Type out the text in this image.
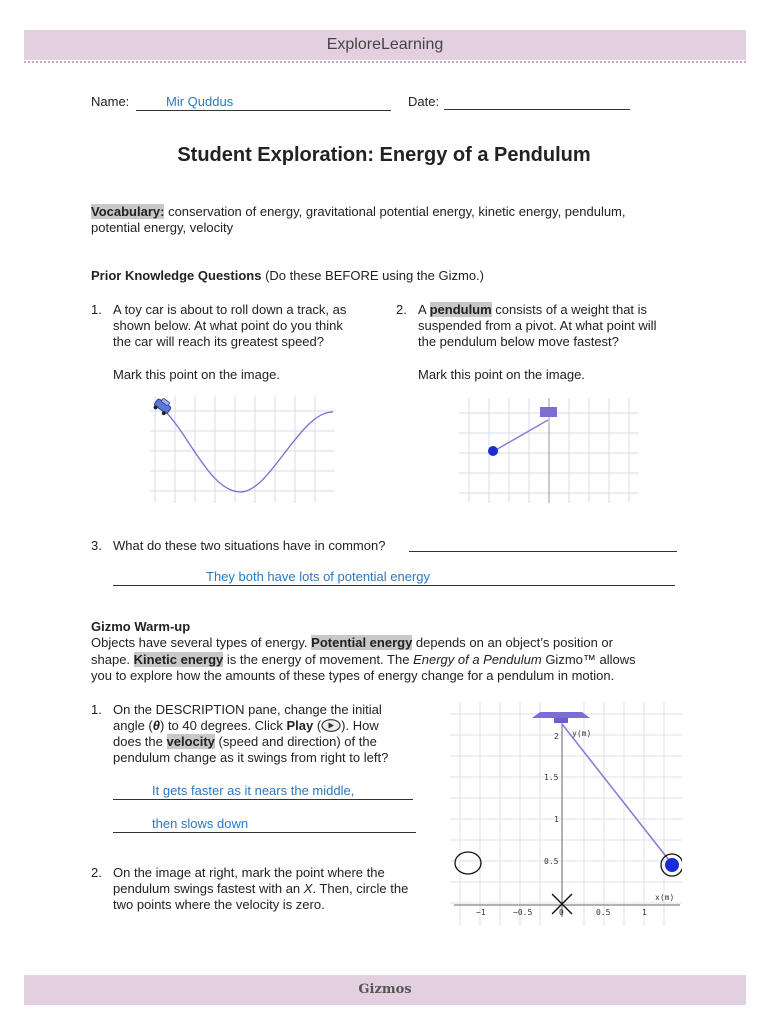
ExploreLearning
Name:	Mir Quddus	Date:
Student Exploration: Energy of a Pendulum
Vocabulary: conservation of energy, gravitational potential energy, kinetic energy, pendulum,
potential energy, velocity
Prior Knowledge Questions (Do these BEFORE using the Gizmo.)
1. A toy car is about to roll down a track, as
shown below. At what point do you think
the car will reach its greatest speed?
Mark this point on the image.
2. A pendulum consists of a weight that is
suspended from a pivot. At what point will
the pendulum below move fastest?
Mark this point on the image.
3. What do these two situations have in common?
They both have lots of potential energy
Gizmo Warm-up
Objects have several types of energy. Potential energy depends on an object’s position or
shape. Kinetic energy is the energy of movement. The Energy of a Pendulum Gizmo™ allows
you to explore how the amounts of these types of energy change for a pendulum in motion.
1. On the DESCRIPTION pane, change the initial
angle (θ) to 40 degrees. Click Play ( ). How
does the velocity (speed and direction) of the
pendulum change as it swings from right to left?
It gets faster as it nears the middle,
then slows down
2. On the image at right, mark the point where the
pendulum swings fastest with an X. Then, circle the
two points where the velocity is zero.
y(m)
x(m)
2
1.5
1
0.5
−1	−0.5	0	0.5	1
Gizmos
